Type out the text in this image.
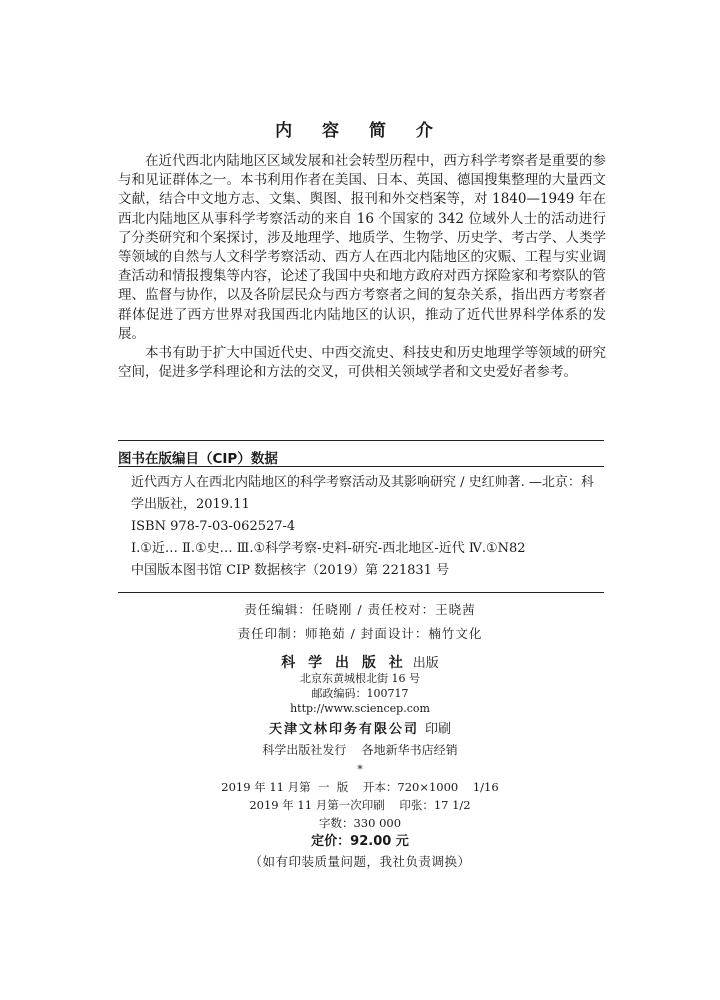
内 容 简 介

在近代西北内陆地区区域发展和社会转型历程中，西方科学考察者是重要的参与和见证群体之一。本书利用作者在美国、日本、英国、德国搜集整理的大量西文文献，结合中文地方志、文集、舆图、报刊和外交档案等，对 1840—1949 年在西北内陆地区从事科学考察活动的来自 16 个国家的 342 位域外人士的活动进行了分类研究和个案探讨，涉及地理学、地质学、生物学、历史学、考古学、人类学等领域的自然与人文科学考察活动、西方人在西北内陆地区的灾赈、工程与实业调查活动和情报搜集等内容，论述了我国中央和地方政府对西方探险家和考察队的管理、监督与协作，以及各阶层民众与西方考察者之间的复杂关系，指出西方考察者群体促进了西方世界对我国西北内陆地区的认识，推动了近代世界科学体系的发展。

本书有助于扩大中国近代史、中西交流史、科技史和历史地理学等领域的研究空间，促进多学科理论和方法的交叉，可供相关领域学者和文史爱好者参考。

图书在版编目（CIP）数据
近代西方人在西北内陆地区的科学考察活动及其影响研究 / 史红帅著. —北京：科学出版社，2019.11
ISBN 978-7-03-062527-4
Ⅰ.①近… Ⅱ.①史… Ⅲ.①科学考察-史料-研究-西北地区-近代 Ⅳ.①N82
中国版本图书馆 CIP 数据核字（2019）第 221831 号
责任编辑：任晓刚 / 责任校对：王晓茜
责任印制：师艳茹 / 封面设计：楠竹文化
科 学 出 版 社 出版
北京东黄城根北街 16 号
邮政编码：100717
http://www.sciencep.com
天津文林印务有限公司 印刷
科学出版社发行    各地新华书店经销
*
2019 年 11 月第  一  版    开本：720×1000    1/16
2019 年 11 月第一次印刷    印张：17 1/2
字数：330 000
定价：92.00 元
（如有印装质量问题，我社负责调换）
